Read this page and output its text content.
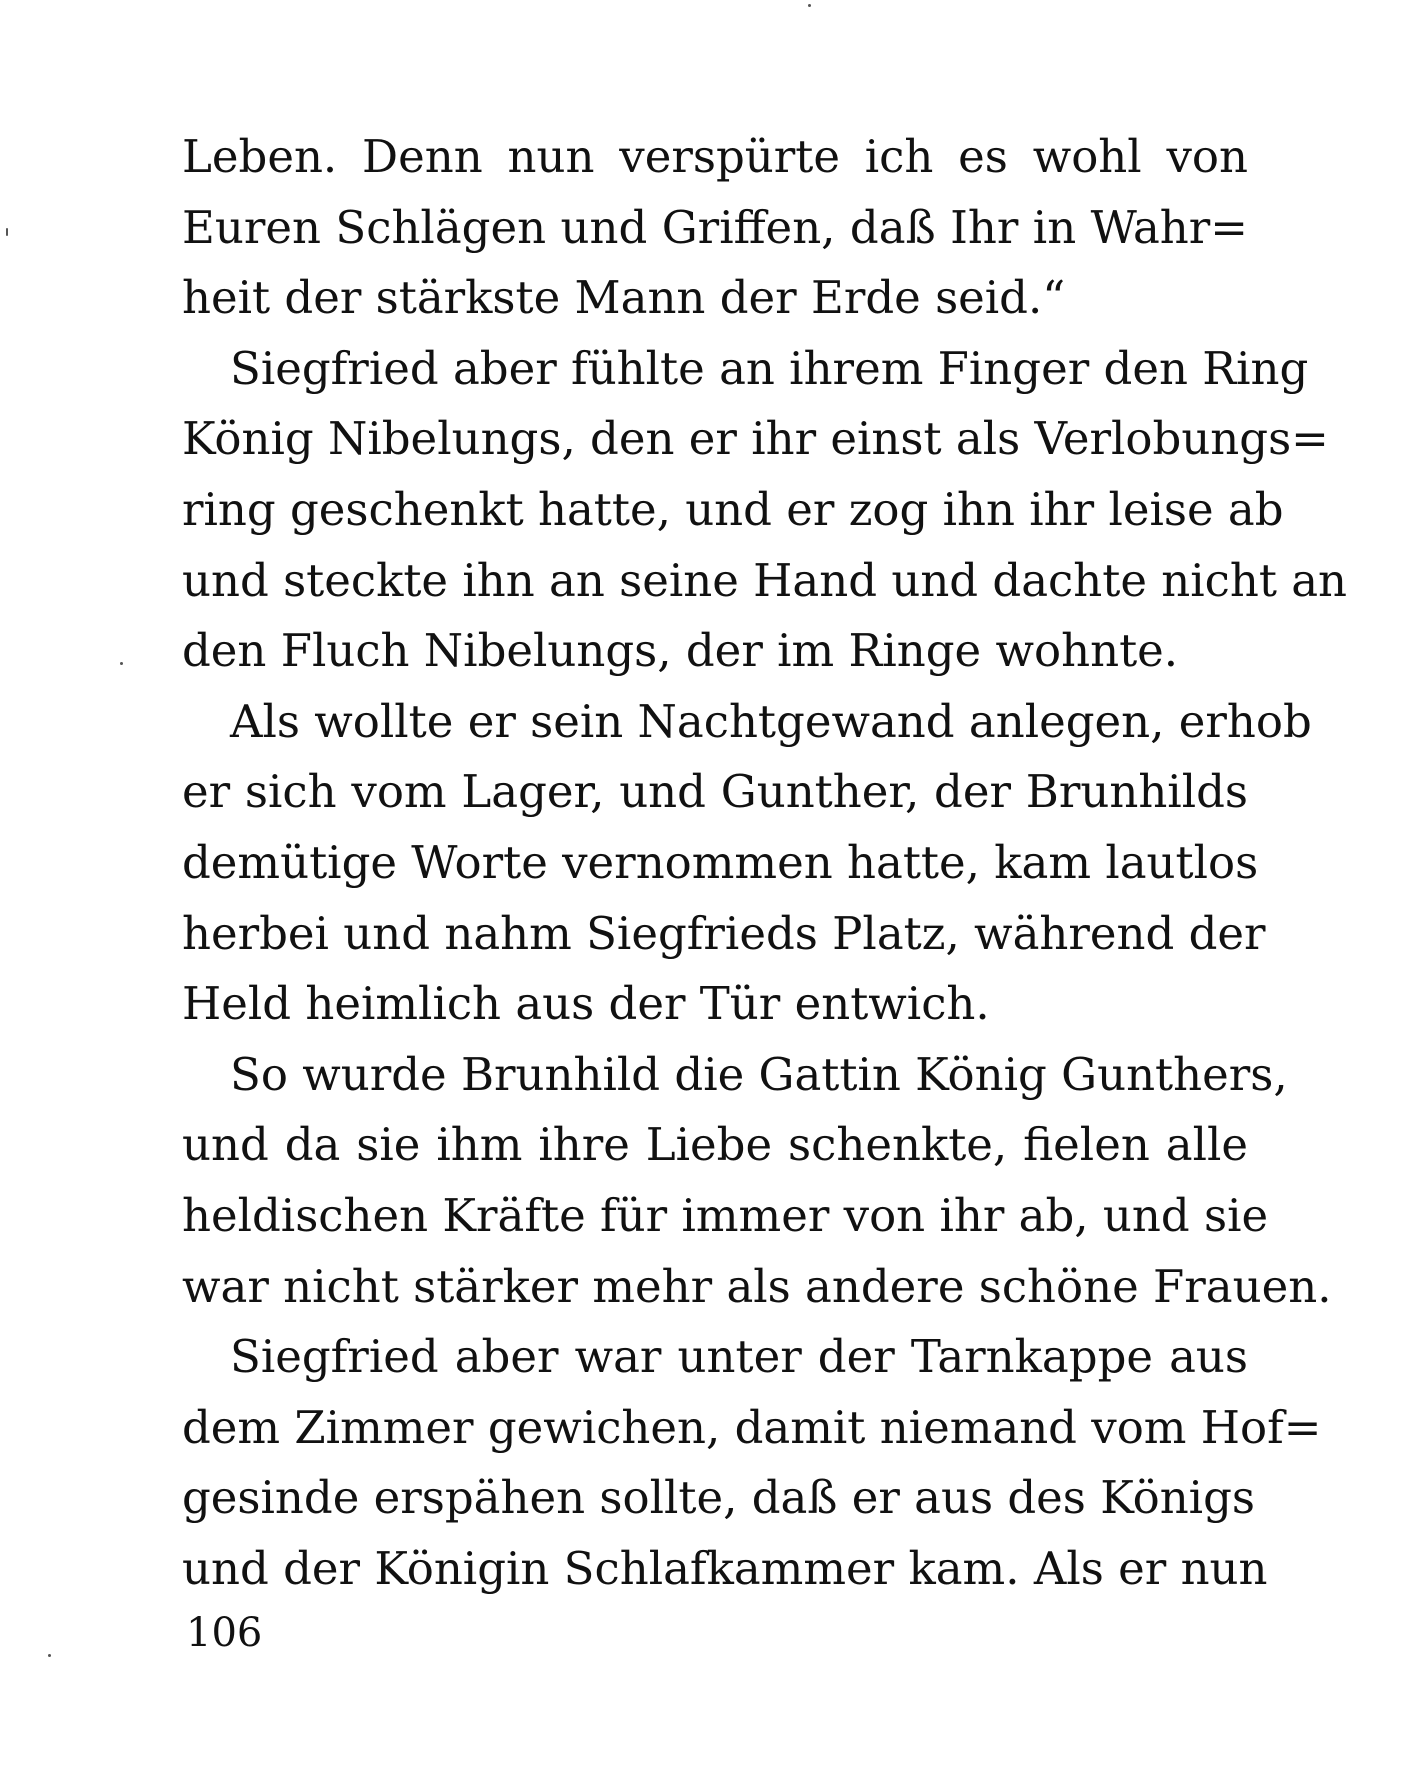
Leben. Denn nun verspürte ich es wohl von
Euren Schlägen und Griffen, daß Ihr in Wahr=
heit der stärkste Mann der Erde seid.“
Siegfried aber fühlte an ihrem Finger den Ring
König Nibelungs, den er ihr einst als Verlobungs=
ring geschenkt hatte, und er zog ihn ihr leise ab
und steckte ihn an seine Hand und dachte nicht an
den Fluch Nibelungs, der im Ringe wohnte.
Als wollte er sein Nachtgewand anlegen, erhob
er sich vom Lager, und Gunther, der Brunhilds
demütige Worte vernommen hatte, kam lautlos
herbei und nahm Siegfrieds Platz, während der
Held heimlich aus der Tür entwich.
So wurde Brunhild die Gattin König Gunthers,
und da sie ihm ihre Liebe schenkte, fielen alle
heldischen Kräfte für immer von ihr ab, und sie
war nicht stärker mehr als andere schöne Frauen.
Siegfried aber war unter der Tarnkappe aus
dem Zimmer gewichen, damit niemand vom Hof=
gesinde erspähen sollte, daß er aus des Königs
und der Königin Schlafkammer kam. Als er nun
106
